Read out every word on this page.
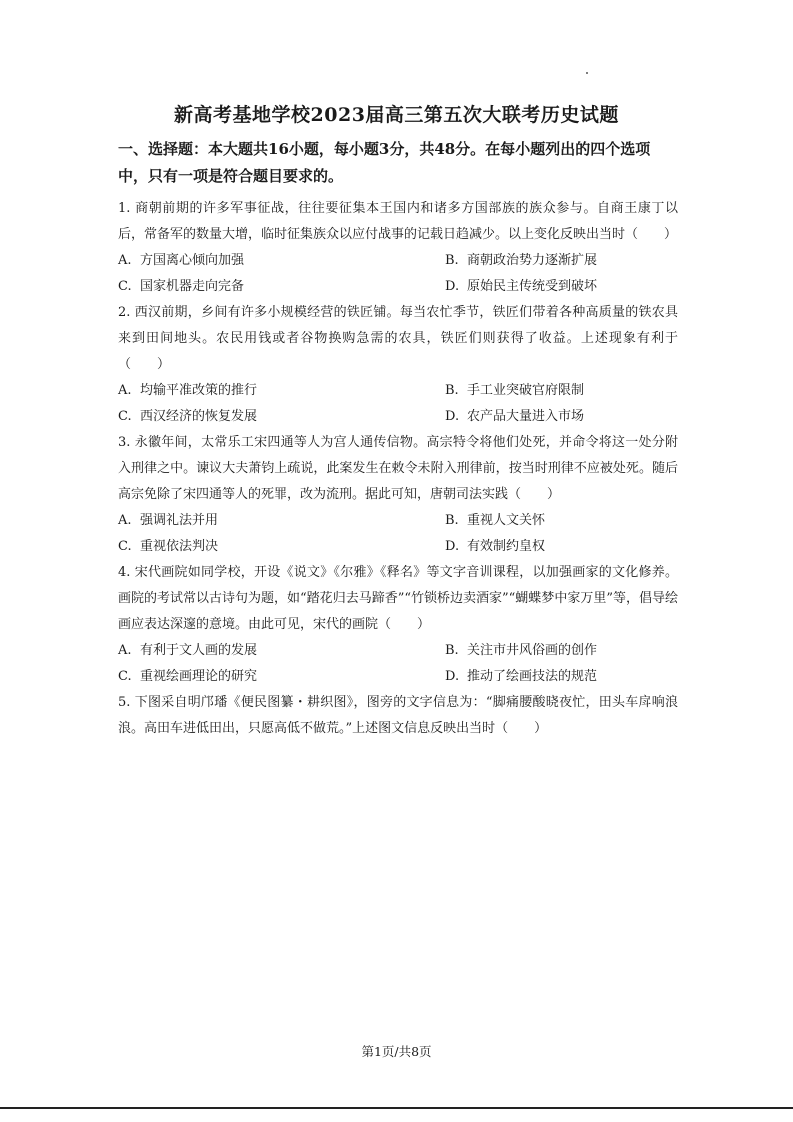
新高考基地学校2023届高三第五次大联考历史试题

一、选择题：本大题共16小题，每小题3分，共48分。在每小题列出的四个选项中，只有一项是符合题目要求的。

1. 商朝前期的许多军事征战，往往要征集本王国内和诸多方国部族的族众参与。自商王康丁以后，常备军的数量大增，临时征集族众以应付战事的记载日趋减少。以上变化反映出当时（　　）

A. 方国离心倾向加强	B. 商朝政治势力逐渐扩展
C. 国家机器走向完备	D. 原始民主传统受到破坏

2. 西汉前期，乡间有许多小规模经营的铁匠铺。每当农忙季节，铁匠们带着各种高质量的铁农具来到田间地头。农民用钱或者谷物换购急需的农具，铁匠们则获得了收益。上述现象有利于（　　）

A. 均输平准改策的推行	B. 手工业突破官府限制
C. 西汉经济的恢复发展	D. 农产品大量进入市场

3. 永徽年间，太常乐工宋四通等人为宫人通传信物。高宗特令将他们处死，并命令将这一处分附入刑律之中。谏议大夫萧钧上疏说，此案发生在敕令未附入刑律前，按当时刑律不应被处死。随后高宗免除了宋四通等人的死罪，改为流刑。据此可知，唐朝司法实践（　　）

A. 强调礼法并用	B. 重视人文关怀
C. 重视依法判决	D. 有效制约皇权

4. 宋代画院如同学校，开设《说文》《尔雅》《释名》等文字音训课程，以加强画家的文化修养。画院的考试常以古诗句为题，如“踏花归去马蹄香”“竹锁桥边卖酒家”“蝴蝶梦中家万里”等，倡导绘画应表达深邃的意境。由此可见，宋代的画院（　　）

A. 有利于文人画的发展	B. 关注市井风俗画的创作
C. 重视绘画理论的研究	D. 推动了绘画技法的规范

5. 下图采自明邝璠《便民图纂・耕织图》，图旁的文字信息为：“脚痛腰酸晓夜忙，田头车戽响浪浪。高田车进低田出，只愿高低不做荒。”上述图文信息反映出当时（　　）

第1页/共8页
